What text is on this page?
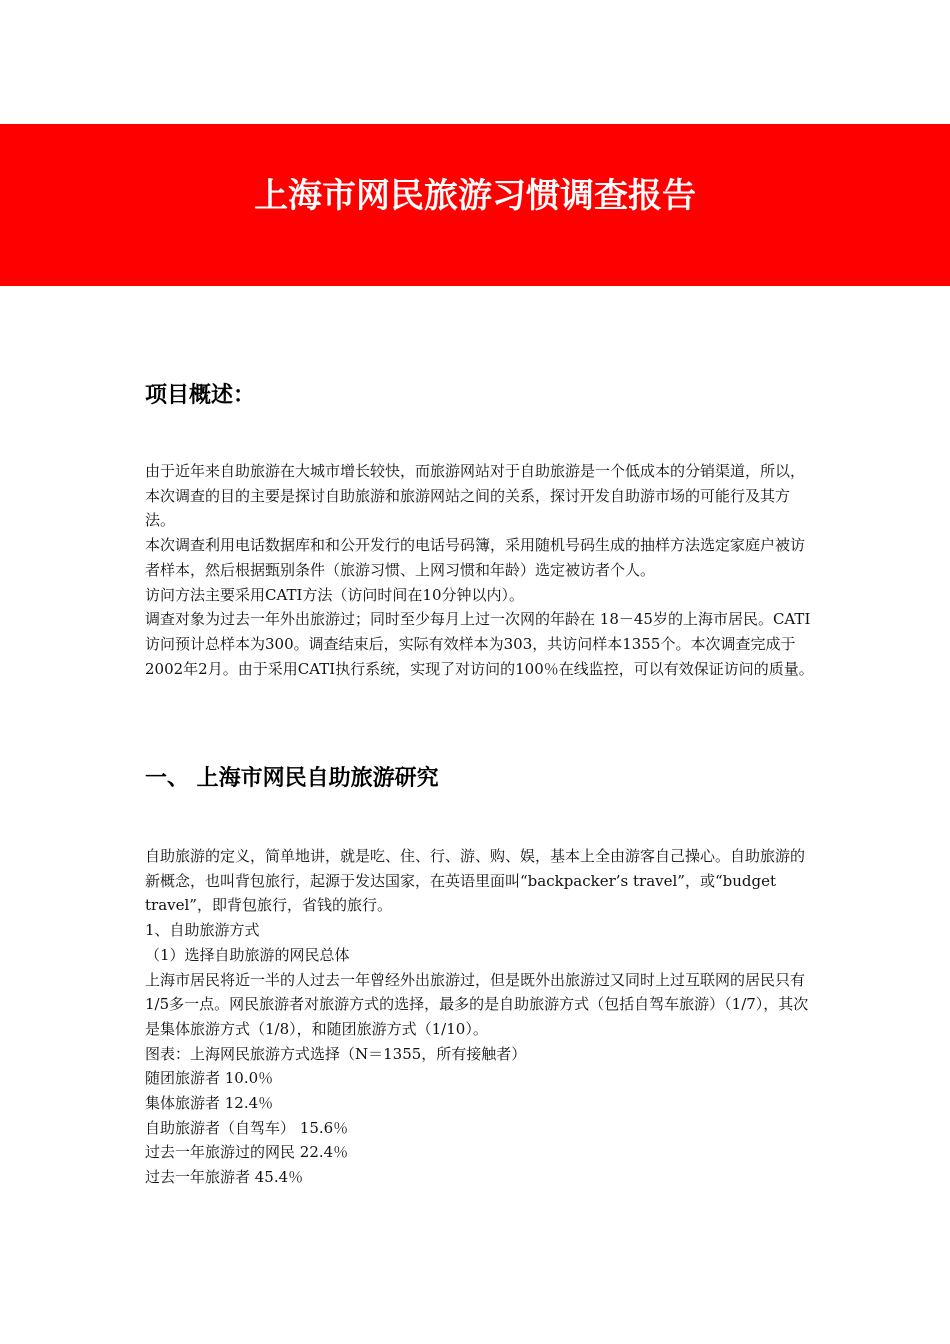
上海市网民旅游习惯调查报告
项目概述：

由于近年来自助旅游在大城市增长较快，而旅游网站对于自助旅游是一个低成本的分销渠道，所以，本次调查的目的主要是探讨自助旅游和旅游网站之间的关系，探讨开发自助游市场的可能行及其方法。

本次调查利用电话数据库和和公开发行的电话号码簿，采用随机号码生成的抽样方法选定家庭户被访者样本，然后根据甄别条件（旅游习惯、上网习惯和年龄）选定被访者个人。

访问方法主要采用CATI方法（访问时间在10分钟以内）。

调查对象为过去一年外出旅游过；同时至少每月上过一次网的年龄在 18－45岁的上海市居民。CATI访问预计总样本为300。调查结束后，实际有效样本为303，共访问样本1355个。本次调查完成于2002年2月。由于采用CATI执行系统，实现了对访问的100％在线监控，可以有效保证访问的质量。

一、 上海市网民自助旅游研究

自助旅游的定义，简单地讲，就是吃、住、行、游、购、娱，基本上全由游客自己操心。自助旅游的新概念，也叫背包旅行，起源于发达国家，在英语里面叫“backpacker’s travel”，或“budget travel”，即背包旅行，省钱的旅行。

1、自助旅游方式

（1）选择自助旅游的网民总体

上海市居民将近一半的人过去一年曾经外出旅游过，但是既外出旅游过又同时上过互联网的居民只有1/5多一点。网民旅游者对旅游方式的选择，最多的是自助旅游方式（包括自驾车旅游）（1/7），其次是集体旅游方式（1/8），和随团旅游方式（1/10）。

图表：上海网民旅游方式选择（N＝1355，所有接触者）

随团旅游者 10.0％

集体旅游者 12.4％

自助旅游者（自驾车） 15.6％

过去一年旅游过的网民 22.4％

过去一年旅游者 45.4％
